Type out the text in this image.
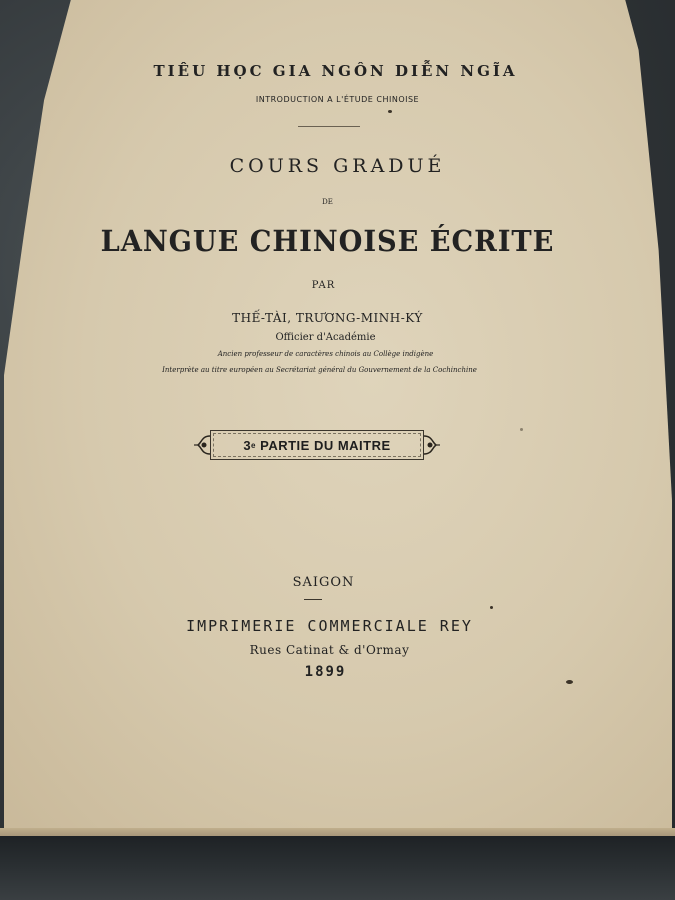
TIÊU HỌC GIA NGÔN DIỄN NGĨA
INTRODUCTION A L'ÉTUDE CHINOISE
COURS GRADUÉ
DE
LANGUE CHINOISE ÉCRITE
PAR
THẾ-TÀI, TRƯƠNG-MINH-KÝ
Officier d'Académie
Ancien professeur de caractères chinois au Collège indigène
Interprète au titre européen au Secrétariat général du Gouvernement de la Cochinchine
3 e
PARTIE DU MAITRE
SAIGON
IMPRIMERIE COMMERCIALE REY
Rues Catinat & d'Ormay
1899
